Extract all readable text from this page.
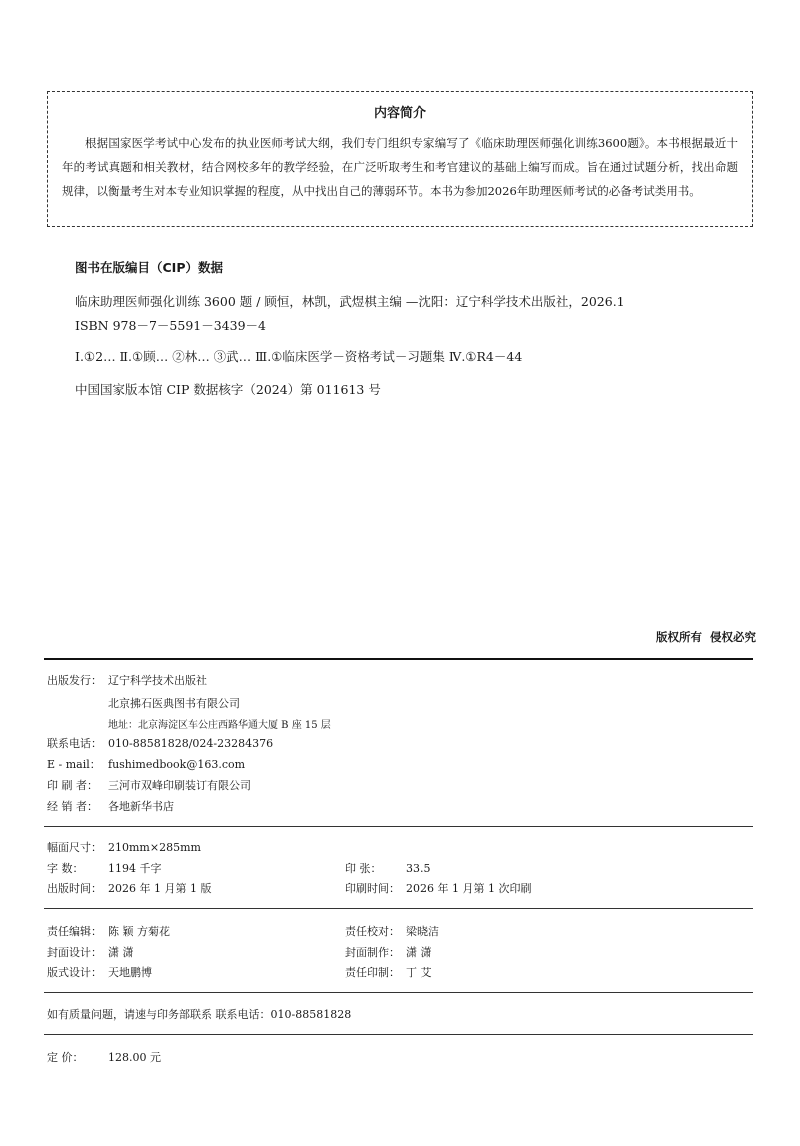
内容简介

根据国家医学考试中心发布的执业医师考试大纲，我们专门组织专家编写了《临床助理医师强化训练3600题》。本书根据最近十年的考试真题和相关教材，结合网校多年的教学经验，在广泛听取考生和考官建议的基础上编写而成。旨在通过试题分析，找出命题规律，以衡量考生对本专业知识掌握的程度，从中找出自己的薄弱环节。本书为参加2026年助理医师考试的必备考试类用书。

图书在版编目（CIP）数据
临床助理医师强化训练 3600 题 / 顾恒，林凯，武煜棋主编 —沈阳：辽宁科学技术出版社，2026.1
ISBN 978－7－5591－3439－4
Ⅰ.①2… Ⅱ.①顾… ②林… ③武… Ⅲ.①临床医学－资格考试－习题集 Ⅳ.①R4－44
中国国家版本馆 CIP 数据核字（2024）第 011613 号
版权所有 侵权必究
出版发行： 辽宁科学技术出版社
北京拂石医典图书有限公司
地址：北京海淀区车公庄西路华通大厦 B 座 15 层
联系电话： 010-88581828/024-23284376
E - mail： fushimedbook@163.com
印 刷 者： 三河市双峰印刷装订有限公司
经 销 者： 各地新华书店
幅面尺寸： 210mm×285mm
字 数： 1194 千字	印 张： 33.5
出版时间： 2026 年 1 月第 1 版	印刷时间： 2026 年 1 月第 1 次印刷
责任编辑： 陈 颖 方菊花	责任校对： 梁晓洁
封面设计： 潇 潇	封面制作： 潇 潇
版式设计： 天地鹏博	责任印制： 丁 艾
如有质量问题，请速与印务部联系 联系电话：010-88581828
定 价： 128.00 元
